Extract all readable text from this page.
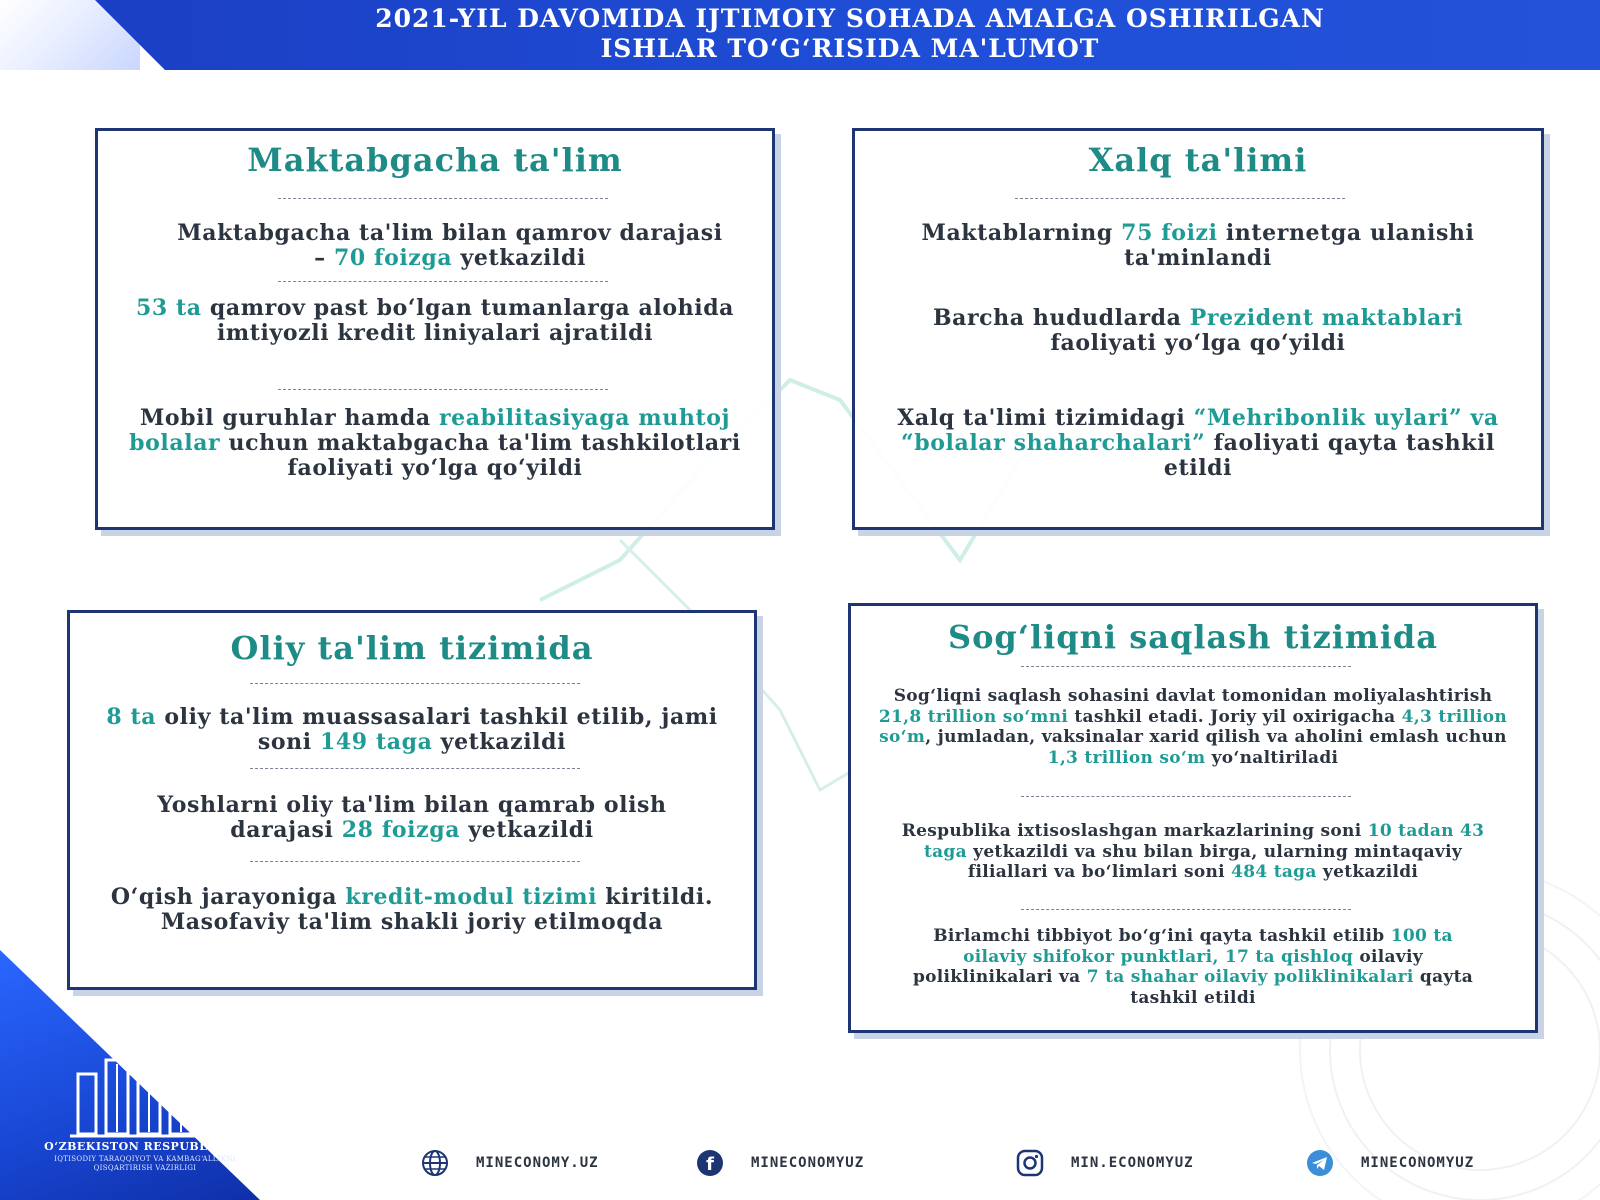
2021-YIL DAVOMIDA IJTIMOIY SOHADA AMALGA OSHIRILGAN
ISHLAR TO‘G‘RISIDA MA'LUMOT
Maktabgacha ta'lim
Maktabgacha ta'lim bilan qamrov darajasi – 70 foizga yetkazildi
53 ta qamrov past bo‘lgan tumanlarga alohida imtiyozli kredit liniyalari ajratildi
Mobil guruhlar hamda reabilitasiyaga muhtoj bolalar uchun maktabgacha ta'lim tashkilotlari faoliyati yo‘lga qo‘yildi
Xalq ta'limi
Maktablarning 75 foizi internetga ulanishi ta'minlandi
Barcha hududlarda Prezident maktablari faoliyati yo‘lga qo‘yildi
Xalq ta'limi tizimidagi “Mehribonlik uylari” va “bolalar shaharchalari” faoliyati qayta tashkil etildi
Oliy ta'lim tizimida
8 ta oliy ta'lim muassasalari tashkil etilib, jami soni 149 taga yetkazildi
Yoshlarni oliy ta'lim bilan qamrab olish darajasi 28 foizga yetkazildi
O‘qish jarayoniga kredit-modul tizimi kiritildi. Masofaviy ta'lim shakli joriy etilmoqda
Sog‘liqni saqlash tizimida
Sog‘liqni saqlash sohasini davlat tomonidan moliyalashtirish 21,8 trillion so‘mni tashkil etadi. Joriy yil oxirigacha 4,3 trillion so‘m, jumladan, vaksinalar xarid qilish va aholini emlash uchun 1,3 trillion so‘m yo‘naltiriladi
Respublika ixtisoslashgan markazlarining soni 10 tadan 43 taga yetkazildi va shu bilan birga, ularning mintaqaviy filiallari va bo‘limlari soni 484 taga yetkazildi
Birlamchi tibbiyot bo‘g‘ini qayta tashkil etilib 100 ta oilaviy shifokor punktlari, 17 ta qishloq oilaviy poliklinikalari va 7 ta shahar oilaviy poliklinikalari qayta tashkil etildi
O‘ZBEKISTON RESPUBLIKASI
IQTISODIY TARAQQIYOT VA KAMBAG‘ALLIKNI
QISQARTIRISH VAZIRLIGI	MINECONOMY.UZ	f	MINECONOMYUZ	MIN.ECONOMYUZ	MINECONOMYUZ
